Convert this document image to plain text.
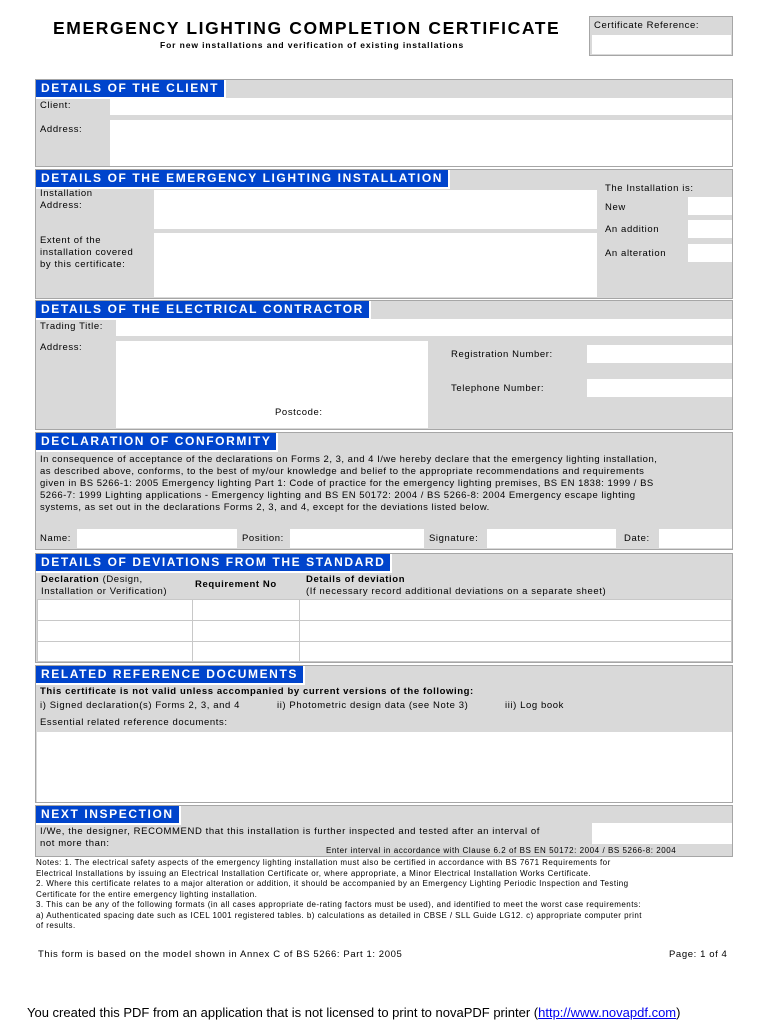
EMERGENCY LIGHTING COMPLETION CERTIFICATE
For new installations and verification of existing installations
Certificate Reference:
DETAILS OF THE CLIENT
Client:
Address:
DETAILS OF THE EMERGENCY LIGHTING INSTALLATION
Installation
Address:
Extent of the
installation covered
by this certificate:
The Installation is:
New
An addition
An alteration
DETAILS OF THE ELECTRICAL CONTRACTOR
Trading Title:
Address:
Postcode:
Registration Number:
Telephone Number:
DECLARATION OF CONFORMITY
In consequence of acceptance of the declarations on Forms 2, 3, and 4 I/we hereby declare that the emergency lighting installation,
as described above, conforms, to the best of my/our knowledge and belief to the appropriate recommendations and requirements
given in BS 5266-1: 2005 Emergency lighting Part 1: Code of practice for the emergency lighting premises, BS EN 1838: 1999 / BS
5266-7: 1999 Lighting applications - Emergency lighting and BS EN 50172: 2004 / BS 5266-8: 2004 Emergency escape lighting
systems, as set out in the declarations Forms 2, 3, and 4, except for the deviations listed below.
Name:	Position:	Signature:	Date:
DETAILS OF DEVIATIONS FROM THE STANDARD
Declaration (Design,
Installation or Verification)
Requirement No	Details of deviation
(If necessary record additional deviations on a separate sheet)
RELATED REFERENCE DOCUMENTS
This certificate is not valid unless accompanied by current versions of the following:
i) Signed declaration(s) Forms 2, 3, and 4	ii) Photometric design data (see Note 3)	iii) Log book
Essential related reference documents:
NEXT INSPECTION
I/We, the designer, RECOMMEND that this installation is further inspected and tested after an interval of
not more than:
Enter interval in accordance with Clause 6.2 of BS EN 50172: 2004 / BS 5266-8: 2004
Notes: 1. The electrical safety aspects of the emergency lighting installation must also be certified in accordance with BS 7671 Requirements for
Electrical Installations by issuing an Electrical Installation Certificate or, where appropriate, a Minor Electrical Installation Works Certificate.
2. Where this certificate relates to a major alteration or addition, it should be accompanied by an Emergency Lighting Periodic Inspection and Testing
Certificate for the entire emergency lighting installation.
3. This can be any of the following formats (in all cases appropriate de-rating factors must be used), and identified to meet the worst case requirements:
a) Authenticated spacing date such as ICEL 1001 registered tables. b) calculations as detailed in CBSE / SLL Guide LG12. c) appropriate computer print
of results.
This form is based on the model shown in Annex C of BS 5266: Part 1: 2005	Page: 1 of 4
You created this PDF from an application that is not licensed to print to novaPDF printer (http://www.novapdf.com)
